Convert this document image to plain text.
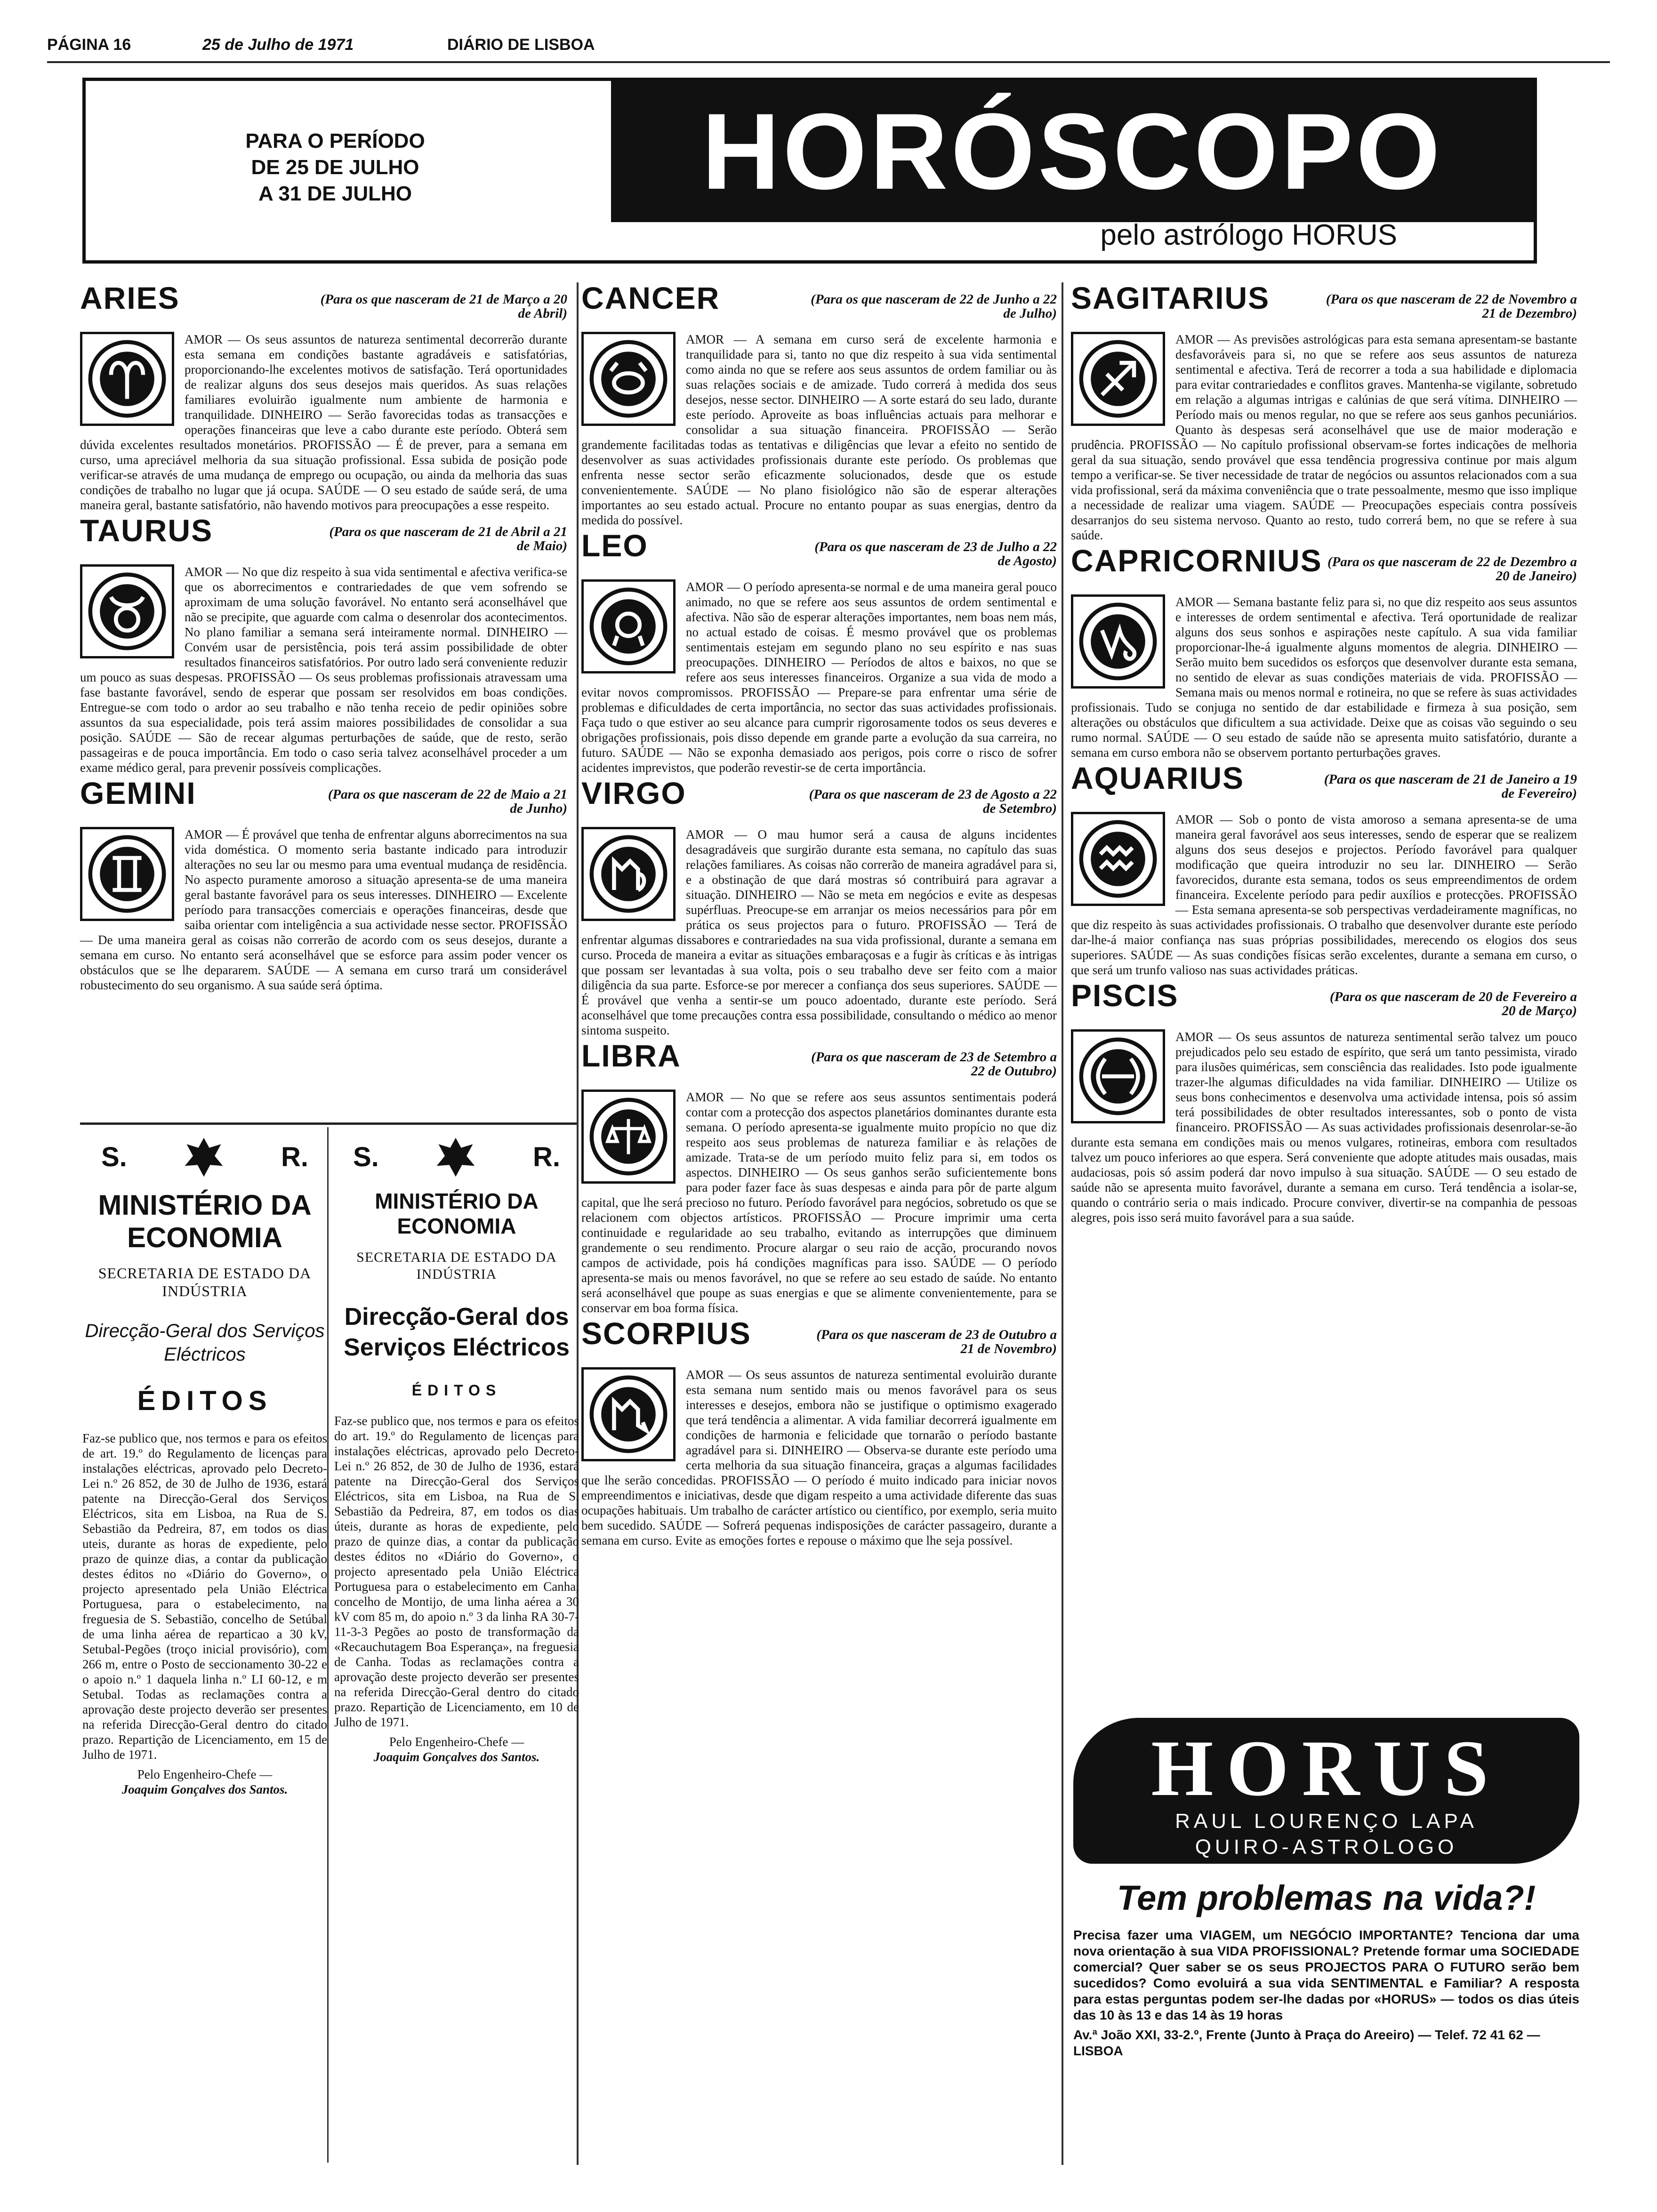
PÁGINA 16	25 de Julho de 1971	DIÁRIO DE LISBOA
PARA O PERÍODO
DE 25 DE JULHO
A 31 DE JULHO	HORÓSCOPO
pelo astrólogo HORUS
ARIES	(Para os que nasceram de 21 de Março a 20 de Abril)

AMOR — Os seus assuntos de natureza sentimental decorrerão durante esta semana em condições bastante agradáveis e satisfatórias, proporcionando-lhe excelentes motivos de satisfação. Terá oportunidades de realizar alguns dos seus desejos mais queridos. As suas relações familiares evoluirão igualmente num ambiente de harmonia e tranquilidade. DINHEIRO — Serão favorecidas todas as transacções e operações financeiras que leve a cabo durante este período. Obterá sem dúvida excelentes resultados monetários. PROFISSÃO — É de prever, para a semana em curso, uma apreciável melhoria da sua situação profissional. Essa subida de posição pode verificar-se através de uma mudança de emprego ou ocupação, ou ainda da melhoria das suas condições de trabalho no lugar que já ocupa. SAÚDE — O seu estado de saúde será, de uma maneira geral, bastante satisfatório, não havendo motivos para preocupações a esse respeito.

TAURUS	(Para os que nasceram de 21 de Abril a 21 de Maio)

AMOR — No que diz respeito à sua vida sentimental e afectiva verifica-se que os aborrecimentos e contrariedades de que vem sofrendo se aproximam de uma solução favorável. No entanto será aconselhável que não se precipite, que aguarde com calma o desenrolar dos acontecimentos. No plano familiar a semana será inteiramente normal. DINHEIRO — Convém usar de persistência, pois terá assim possibilidade de obter resultados financeiros satisfatórios. Por outro lado será conveniente reduzir um pouco as suas despesas. PROFISSÃO — Os seus problemas profissionais atravessam uma fase bastante favorável, sendo de esperar que possam ser resolvidos em boas condições. Entregue-se com todo o ardor ao seu trabalho e não tenha receio de pedir opiniões sobre assuntos da sua especialidade, pois terá assim maiores possibilidades de consolidar a sua posição. SAÚDE — São de recear algumas perturbações de saúde, que de resto, serão passageiras e de pouca importância. Em todo o caso seria talvez aconselhável proceder a um exame médico geral, para prevenir possíveis complicações.

GEMINI	(Para os que nasceram de 22 de Maio a 21 de Junho)

AMOR — É provável que tenha de enfrentar alguns aborrecimentos na sua vida doméstica. O momento seria bastante indicado para introduzir alterações no seu lar ou mesmo para uma eventual mudança de residência. No aspecto puramente amoroso a situação apresenta-se de uma maneira geral bastante favorável para os seus interesses. DINHEIRO — Excelente período para transacções comerciais e operações financeiras, desde que saiba orientar com inteligência a sua actividade nesse sector. PROFISSÃO — De uma maneira geral as coisas não correrão de acordo com os seus desejos, durante a semana em curso. No entanto será aconselhável que se esforce para assim poder vencer os obstáculos que se lhe depararem. SAÚDE — A semana em curso trará um considerável robustecimento do seu organismo. A sua saúde será óptima.

S.	R.
MINISTÉRIO DA ECONOMIA
SECRETARIA DE ESTADO DA INDÚSTRIA
Direcção-Geral dos Serviços Eléctricos
ÉDITOS
Faz-se publico que, nos termos e para os efeitos de art. 19.º do Regulamento de licenças para instalações eléctricas, aprovado pelo Decreto-Lei n.º 26 852, de 30 de Julho de 1936, estará patente na Direcção-Geral dos Serviços Eléctricos, sita em Lisboa, na Rua de S. Sebastião da Pedreira, 87, em todos os dias uteis, durante as horas de expediente, pelo prazo de quinze dias, a contar da publicação destes éditos no «Diário do Governo», o projecto apresentado pela União Eléctrica Portuguesa, para o estabelecimento, na freguesia de S. Sebastião, concelho de Setúbal de uma linha aérea de reparticao a 30 kV, Setubal-Pegões (troço inicial provisório), com 266 m, entre o Posto de seccionamento 30-22 e o apoio n.º 1 daquela linha n.º LI 60-12, e m Setubal. Todas as reclamações contra a aprovação deste projecto deverão ser presentes na referida Direcção-Geral dentro do citado prazo. Repartição de Licenciamento, em 15 de Julho de 1971.
Pelo Engenheiro-Chefe —
Joaquim Gonçalves dos Santos.
S.	R.
MINISTÉRIO DA ECONOMIA
SECRETARIA DE ESTADO DA INDÚSTRIA
Direcção-Geral dos Serviços Eléctricos
ÉDITOS
Faz-se publico que, nos termos e para os efeitos do art. 19.º do Regulamento de licenças para instalações eléctricas, aprovado pelo Decreto-Lei n.º 26 852, de 30 de Julho de 1936, estará patente na Direcção-Geral dos Serviços Eléctricos, sita em Lisboa, na Rua de S. Sebastião da Pedreira, 87, em todos os dias úteis, durante as horas de expediente, pelo prazo de quinze dias, a contar da publicação destes éditos no «Diário do Governo», o projecto apresentado pela União Eléctrica Portuguesa para o estabelecimento em Canha, concelho de Montijo, de uma linha aérea a 30 kV com 85 m, do apoio n.º 3 da linha RA 30-7-11-3-3 Pegões ao posto de transformação da «Recauchutagem Boa Esperança», na freguesia de Canha. Todas as reclamações contra a aprovação deste projecto deverão ser presentes na referida Direcção-Geral dentro do citado prazo. Repartição de Licenciamento, em 10 de Julho de 1971.
Pelo Engenheiro-Chefe —
Joaquim Gonçalves dos Santos.
CANCER	(Para os que nasceram de 22 de Junho a 22 de Julho)

AMOR — A semana em curso será de excelente harmonia e tranquilidade para si, tanto no que diz respeito à sua vida sentimental como ainda no que se refere aos seus assuntos de ordem familiar ou às suas relações sociais e de amizade. Tudo correrá à medida dos seus desejos, nesse sector. DINHEIRO — A sorte estará do seu lado, durante este período. Aproveite as boas influências actuais para melhorar e consolidar a sua situação financeira. PROFISSÃO — Serão grandemente facilitadas todas as tentativas e diligências que levar a efeito no sentido de desenvolver as suas actividades profissionais durante este período. Os problemas que enfrenta nesse sector serão eficazmente solucionados, desde que os estude convenientemente. SAÚDE — No plano fisiológico não são de esperar alterações importantes ao seu estado actual. Procure no entanto poupar as suas energias, dentro da medida do possível.

LEO	(Para os que nasceram de 23 de Julho a 22 de Agosto)

AMOR — O período apresenta-se normal e de uma maneira geral pouco animado, no que se refere aos seus assuntos de ordem sentimental e afectiva. Não são de esperar alterações importantes, nem boas nem más, no actual estado de coisas. É mesmo provável que os problemas sentimentais estejam em segundo plano no seu espírito e nas suas preocupações. DINHEIRO — Períodos de altos e baixos, no que se refere aos seus interesses financeiros. Organize a sua vida de modo a evitar novos compromissos. PROFISSÃO — Prepare-se para enfrentar uma série de problemas e dificuldades de certa importância, no sector das suas actividades profissionais. Faça tudo o que estiver ao seu alcance para cumprir rigorosamente todos os seus deveres e obrigações profissionais, pois disso depende em grande parte a evolução da sua carreira, no futuro. SAÚDE — Não se exponha demasiado aos perigos, pois corre o risco de sofrer acidentes imprevistos, que poderão revestir-se de certa importância.

VIRGO	(Para os que nasceram de 23 de Agosto a 22 de Setembro)

AMOR — O mau humor será a causa de alguns incidentes desagradáveis que surgirão durante esta semana, no capítulo das suas relações familiares. As coisas não correrão de maneira agradável para si, e a obstinação de que dará mostras só contribuirá para agravar a situação. DINHEIRO — Não se meta em negócios e evite as despesas supérfluas. Preocupe-se em arranjar os meios necessários para pôr em prática os seus projectos para o futuro. PROFISSÃO — Terá de enfrentar algumas dissabores e contrariedades na sua vida profissional, durante a semana em curso. Proceda de maneira a evitar as situações embaraçosas e a fugir às críticas e às intrigas que possam ser levantadas à sua volta, pois o seu trabalho deve ser feito com a maior diligência da sua parte. Esforce-se por merecer a confiança dos seus superiores. SAÚDE — É provável que venha a sentir-se um pouco adoentado, durante este período. Será aconselhável que tome precauções contra essa possibilidade, consultando o médico ao menor sintoma suspeito.

LIBRA	(Para os que nasceram de 23 de Setembro a 22 de Outubro)

AMOR — No que se refere aos seus assuntos sentimentais poderá contar com a protecção dos aspectos planetários dominantes durante esta semana. O período apresenta-se igualmente muito propício no que diz respeito aos seus problemas de natureza familiar e às relações de amizade. Trata-se de um período muito feliz para si, em todos os aspectos. DINHEIRO — Os seus ganhos serão suficientemente bons para poder fazer face às suas despesas e ainda para pôr de parte algum capital, que lhe será precioso no futuro. Período favorável para negócios, sobretudo os que se relacionem com objectos artísticos. PROFISSÃO — Procure imprimir uma certa continuidade e regularidade ao seu trabalho, evitando as interrupções que diminuem grandemente o seu rendimento. Procure alargar o seu raio de acção, procurando novos campos de actividade, pois há condições magníficas para isso. SAÚDE — O período apresenta-se mais ou menos favorável, no que se refere ao seu estado de saúde. No entanto será aconselhável que poupe as suas energias e que se alimente convenientemente, para se conservar em boa forma física.

SCORPIUS	(Para os que nasceram de 23 de Outubro a 21 de Novembro)

AMOR — Os seus assuntos de natureza sentimental evoluirão durante esta semana num sentido mais ou menos favorável para os seus interesses e desejos, embora não se justifique o optimismo exagerado que terá tendência a alimentar. A vida familiar decorrerá igualmente em condições de harmonia e felicidade que tornarão o período bastante agradável para si. DINHEIRO — Observa-se durante este período uma certa melhoria da sua situação financeira, graças a algumas facilidades que lhe serão concedidas. PROFISSÃO — O período é muito indicado para iniciar novos empreendimentos e iniciativas, desde que digam respeito a uma actividade diferente das suas ocupações habituais. Um trabalho de carácter artístico ou científico, por exemplo, seria muito bem sucedido. SAÚDE — Sofrerá pequenas indisposições de carácter passageiro, durante a semana em curso. Evite as emoções fortes e repouse o máximo que lhe seja possível.

SAGITARIUS	(Para os que nasceram de 22 de Novembro a 21 de Dezembro)

AMOR — As previsões astrológicas para esta semana apresentam-se bastante desfavoráveis para si, no que se refere aos seus assuntos de natureza sentimental e afectiva. Terá de recorrer a toda a sua habilidade e diplomacia para evitar contrariedades e conflitos graves. Mantenha-se vigilante, sobretudo em relação a algumas intrigas e calúnias de que será vítima. DINHEIRO — Período mais ou menos regular, no que se refere aos seus ganhos pecuniários. Quanto às despesas será aconselhável que use de maior moderação e prudência. PROFISSÃO — No capítulo profissional observam-se fortes indicações de melhoria geral da sua situação, sendo provável que essa tendência progressiva continue por mais algum tempo a verificar-se. Se tiver necessidade de tratar de negócios ou assuntos relacionados com a sua vida profissional, será da máxima conveniência que o trate pessoalmente, mesmo que isso implique a necessidade de realizar uma viagem. SAÚDE — Preocupações especiais contra possíveis desarranjos do seu sistema nervoso. Quanto ao resto, tudo correrá bem, no que se refere à sua saúde.

CAPRICORNIUS (Para os que nasceram de 22 de Dezembro a 20 de Janeiro)

AMOR — Semana bastante feliz para si, no que diz respeito aos seus assuntos e interesses de ordem sentimental e afectiva. Terá oportunidade de realizar alguns dos seus sonhos e aspirações neste capítulo. A sua vida familiar proporcionar-lhe-á igualmente alguns momentos de alegria. DINHEIRO — Serão muito bem sucedidos os esforços que desenvolver durante esta semana, no sentido de elevar as suas condições materiais de vida. PROFISSÃO — Semana mais ou menos normal e rotineira, no que se refere às suas actividades profissionais. Tudo se conjuga no sentido de dar estabilidade e firmeza à sua posição, sem alterações ou obstáculos que dificultem a sua actividade. Deixe que as coisas vão seguindo o seu rumo normal. SAÚDE — O seu estado de saúde não se apresenta muito satisfatório, durante a semana em curso embora não se observem portanto perturbações graves.

AQUARIUS	(Para os que nasceram de 21 de Janeiro a 19 de Fevereiro)

AMOR — Sob o ponto de vista amoroso a semana apresenta-se de uma maneira geral favorável aos seus interesses, sendo de esperar que se realizem alguns dos seus desejos e projectos. Período favorável para qualquer modificação que queira introduzir no seu lar. DINHEIRO — Serão favorecidos, durante esta semana, todos os seus empreendimentos de ordem financeira. Excelente período para pedir auxílios e protecções. PROFISSÃO — Esta semana apresenta-se sob perspectivas verdadeiramente magníficas, no que diz respeito às suas actividades profissionais. O trabalho que desenvolver durante este período dar-lhe-á maior confiança nas suas próprias possibilidades, merecendo os elogios dos seus superiores. SAÚDE — As suas condições físicas serão excelentes, durante a semana em curso, o que será um trunfo valioso nas suas actividades práticas.

PISCIS	(Para os que nasceram de 20 de Fevereiro a 20 de Março)

AMOR — Os seus assuntos de natureza sentimental serão talvez um pouco prejudicados pelo seu estado de espírito, que será um tanto pessimista, virado para ilusões quiméricas, sem consciência das realidades. Isto pode igualmente trazer-lhe algumas dificuldades na vida familiar. DINHEIRO — Utilize os seus bons conhecimentos e desenvolva uma actividade intensa, pois só assim terá possibilidades de obter resultados interessantes, sob o ponto de vista financeiro. PROFISSÃO — As suas actividades profissionais desenrolar-se-ão durante esta semana em condições mais ou menos vulgares, rotineiras, embora com resultados talvez um pouco inferiores ao que espera. Será conveniente que adopte atitudes mais ousadas, mais audaciosas, pois só assim poderá dar novo impulso à sua situação. SAÚDE — O seu estado de saúde não se apresenta muito favorável, durante a semana em curso. Terá tendência a isolar-se, quando o contrário seria o mais indicado. Procure conviver, divertir-se na companhia de pessoas alegres, pois isso será muito favorável para a sua saúde.

HORUS
RAUL LOURENÇO LAPA
QUIRO-ASTROLOGO
Tem problemas na vida?!
Precisa fazer uma VIAGEM, um NEGÓCIO IMPORTANTE? Tenciona dar uma nova orientação à sua VIDA PROFISSIONAL? Pretende formar uma SOCIEDADE comercial? Quer saber se os seus PROJECTOS PARA O FUTURO serão bem sucedidos? Como evoluirá a sua vida SENTIMENTAL e Familiar? A resposta para estas perguntas podem ser-lhe dadas por «HORUS» — todos os dias úteis das 10 às 13 e das 14 às 19 horas
Av.ª João XXI, 33-2.º, Frente (Junto à Praça do Areeiro) — Telef. 72 41 62 — LISBOA
